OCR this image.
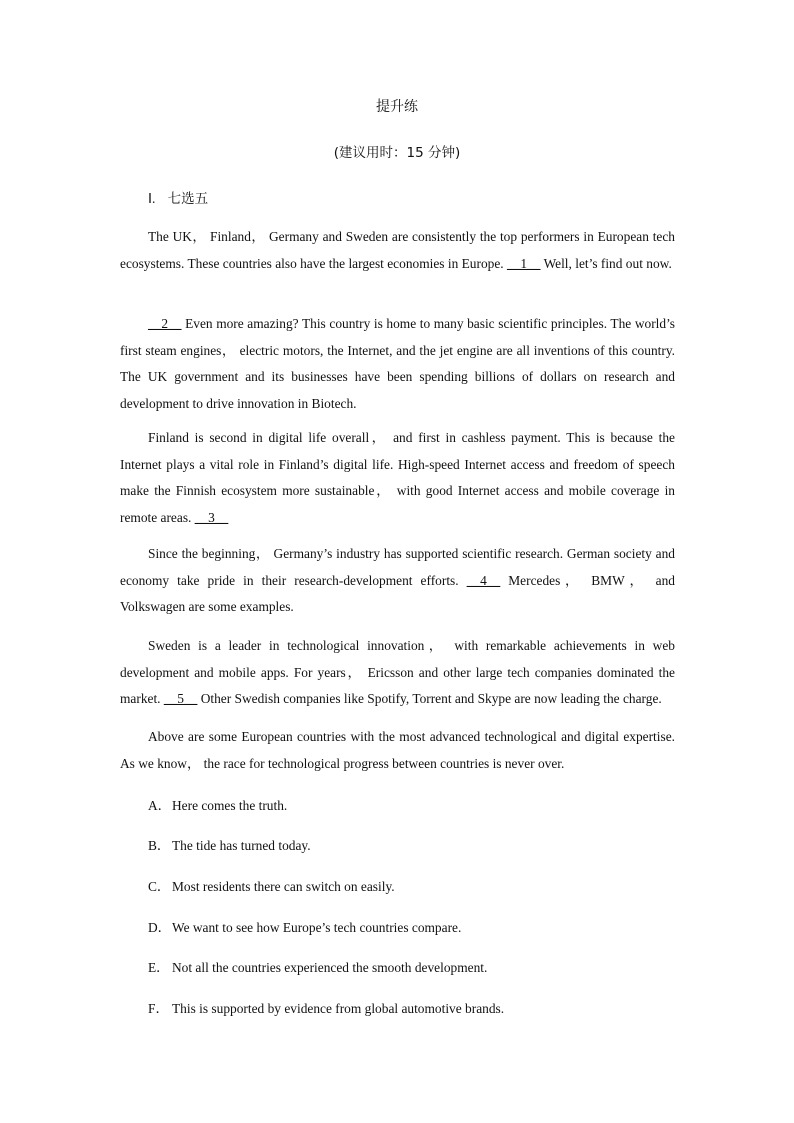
提升练
(建议用时：15 分钟)
Ⅰ. 七选五

The UK， Finland， Germany and Sweden are consistently the top performers in European tech ecosystems. These countries also have the largest economies in Europe. __1__ Well, let’s find out now.

__2__ Even more amazing? This country is home to many basic scientific principles. The world’s first steam engines， electric motors, the Internet, and the jet engine are all inventions of this country. The UK government and its businesses have been spending billions of dollars on research and development to drive innovation in Biotech.

Finland is second in digital life overall， and first in cashless payment. This is because the Internet plays a vital role in Finland’s digital life. High-speed Internet access and freedom of speech make the Finnish ecosystem more sustainable， with good Internet access and mobile coverage in remote areas. __3__

Since the beginning， Germany’s industry has supported scientific research. German society and economy take pride in their research-development efforts. __4__ Mercedes， BMW， and Volkswagen are some examples.

Sweden is a leader in technological innovation， with remarkable achievements in web development and mobile apps. For years， Ericsson and other large tech companies dominated the market. __5__ Other Swedish companies like Spotify, Torrent and Skype are now leading the charge.

Above are some European countries with the most advanced technological and digital expertise. As we know， the race for technological progress between countries is never over.

A．Here comes the truth.
B． The tide has turned today.
C． Most residents there can switch on easily.
D．We want to see how Europe’s tech countries compare.
E． Not all the countries experienced the smooth development.
F． This is supported by evidence from global automotive brands.
